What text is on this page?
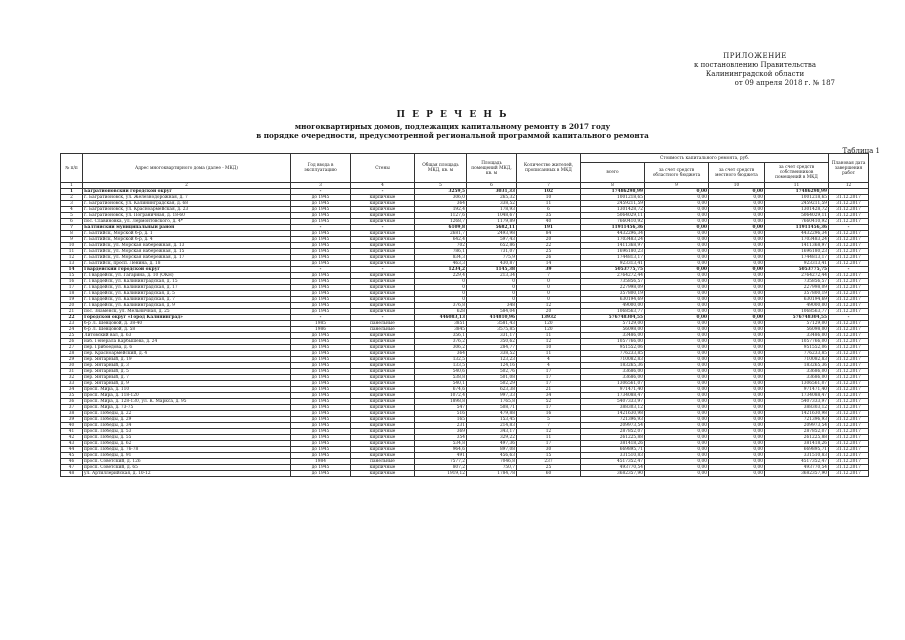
ПРИЛОЖЕНИЕ
к постановлению Правительства
Калининградской области
от 09 апреля 2018 г. № 187
П Е Р Е Ч Е Н Ь
многоквартирных домов, подлежащих капитальному ремонту в 2017 году
в порядке очередности, предусмотренной региональной программой капитального ремонта
Таблица 1
№ п/п	Адрес многоквартирного дома (далее - МКД)	Год ввода в эксплуатацию	Стены	Общая площадь МКД, кв. м	Площадь помещений МКД, кв. м	Количество жителей, прописанных в МКД	Стоимость капитального ремонта, руб.				Плановая дата завершения работ
							всего	за счет средств областного бюджета	за счет средств местного бюджета	за счет средств собственников помещений в МКД	
1	2	3	4	5	6	7	8	9	10	11	12
1	Багратионовский городской округ	-	-	3259,5	3031,33	102	17486298,99	0,00	0,00	17486298,99	
2	г. Багратионовск, ул. Железнодорожная, д. 7	до 1945	кирпичные	306,0	265,32	10	1001218,65	0,00	0,00	1001218,65	31.12.2017
3	г. Багратионовск, ул. Калининградская, д. 68	до 1945	кирпичные	364	338,52	11	2459211,59	0,00	0,00	2459211,59	31.12.2017
4	г. Багратионовск, ул. Красноармейская, д. 23	до 1945	кирпичные	192,4	178,93	6	1301428,72	0,00	0,00	1301428,72	31.12.2017
5	г. Багратионовск, ул. Пограничная, д. 18-60	до 1945	кирпичные	1127,6	1048,67	35	5064029,11	0,00	0,00	5064029,11	31.12.2017
6	пос. Славиновка, ул. Лермонтовского, д. 4*	до 1945	кирпичные	1268,7	1179,89	40	7660410,92	0,00	0,00	7660410,92	31.12.2017
7	Балтийский муниципальный район	-	-	6109,8	5682,11	191	11911456,36	0,00	0,00	11911456,36	-
8	г. Балтийск, Морской б-р, д. 1	до 1945	кирпичные	2681,7	2493,98	84	4432296,34	0,00	0,00	4432296,34	31.12.2017
9	г. Балтийск, Морской б-р, д. 4	до 1945	кирпичные	642,4	597,43	20	1703483,24	0,00	0,00	1703483,24	31.12.2017
10	г. Балтийск, ул. Морская набережная, д. 13	до 1945	кирпичные	702	652,86	22	1411368,97	0,00	0,00	1411368,97	31.12.2017
11	г. Балтийск, ул. Морская набережная, д. 15	до 1945	кирпичные	786,1	731,07	25	1696180,23	0,00	0,00	1696180,23	31.12.2017
12	г. Балтийск, ул. Морская набережная, д. 17	до 1945	кирпичные	834,3	775,9	26	1744813,17	0,00	0,00	1744813,17	31.12.2017
13	г. Балтийск, просп. Ленина, д. 18	до 1945	кирпичные	463,3	430,87	14	923313,41	0,00	0,00	923313,41	31.12.2017
14	Гвардейский городской округ	-	-	1234,2	1145,38	39	5053775,75	0,00	0,00	5053775,75	-
15	г. Гвардейск, ул. Гагарина, д. 10 (ОКН)	до 1945	кирпичные	229,4	213,34	7	2764272,44	0,00	0,00	2764272,44	31.12.2017
16	г. Гвардейск, ул. Калининградская, д. 15	до 1945	кирпичные	0	0	0	735856,57	0,00	0,00	735856,57	31.12.2017
17	г. Гвардейск, ул. Калининградская, д. 17	до 1945	кирпичные	0	0	0	227998,09	0,00	0,00	227998,09	31.12.2017
18	г. Гвардейск, ул. Калининградская, д. 5	до 1945	кирпичные	0	0	0	357800,19	0,00	0,00	357800,19	31.12.2017
19	г. Гвардейск, ул. Калининградская, д. 7	до 1945	кирпичные	0	0	0	630194,69	0,00	0,00	630194,69	31.12.2017
20	г. Гвардейск, ул. Калининградская, д. 9	до 1945	кирпичные	376,8	348	12	49000,00	0,00	0,00	49000,00	31.12.2017
21	пос. Знаменск, ул. Мельничная, д. 25	до 1945	кирпичные	628	584,04	20	1068563,77	0,00	0,00	1068563,77	31.12.2017
22	Городской округ «Город Калининград»	-	-	446083,13	414810,96	13932	576748304,55	0,00	0,00	576748304,55	-
23	б-р Л. Шевцовой, д. 38-40	1985	панельные	3851	3581,43	120	57129,00	0,00	0,00	57129,00	31.12.2017
24	б-р Л. Шевцовой, д. 58	1986	панельные	3845	3575,85	120	56098,00	0,00	0,00	56098,00	31.12.2017
25	Литовский вал, д. 63	до 1945	кирпичные	356,1	331,17	11	33486,00	0,00	0,00	33486,00	31.12.2017
26	наб. Генерала Карбышева, д. 24	до 1945	кирпичные	376,2	350,62	12	1057766,00	0,00	0,00	1057766,00	31.12.2017
27	пер. Грибоедова, д. 6	до 1945	кирпичные	306,2	284,77	10	951552,06	0,00	0,00	951552,06	31.12.2017
28	пер. Красноармейский, д. 4	до 1945	кирпичные	364	338,52	11	776233,85	0,00	0,00	776233,85	31.12.2017
29	пер. Янтарный, д. 19	до 1945	кирпичные	132,5	123,23	4	710082,83	0,00	0,00	710082,83	31.12.2017
30	пер. Янтарный, д. 3	до 1945	кирпичные	133,5	124,16	4	183265,36	0,00	0,00	183265,36	31.12.2017
31	пер. Янтарный, д. 5	до 1945	кирпичные	540,6	502,76	17	33686,00	0,00	0,00	33686,00	31.12.2017
32	пер. Янтарный, д. 7	до 1945	кирпичные	538,8	501,08	17	33686,00	0,00	0,00	33686,00	31.12.2017
33	пер. Янтарный, д. 9	до 1945	кирпичные	540,1	502,29	17	1306561,07	0,00	0,00	1306561,07	31.12.2017
34	просп. Мира, д. 110	до 1945	кирпичные	674,6	623,38	21	971471,40	0,00	0,00	971471,40	31.12.2017
35	просп. Мира, д. 118-120	до 1945	кирпичные	1072,4	997,33	34	1734088,47	0,00	0,00	1734088,47	31.12.2017
36	просп. Мира, д. 128-130, ул. К. Маркса, д. 95	до 1945	кирпичные	1898,8	1765,8	52	5407333,97	0,00	0,00	5407333,97	31.12.2017
37	просп. Мира, д. 73-75	до 1945	кирпичные	547	508,71	17	388303,12	0,00	0,00	388303,12	31.12.2017
38	просп. Победы, д. 22	до 1945	кирпичные	516	479,88	16	1421630,98	0,00	0,00	1421630,98	31.12.2017
39	просп. Победы, д. 29	до 1945	кирпичные	165	153,45	5	721396,93	0,00	0,00	721396,93	31.12.2017
40	просп. Победы, д. 34	до 1945	кирпичные	231	214,83	7	209973,54	0,00	0,00	209973,54	31.12.2017
41	просп. Победы, д. 53	до 1945	кирпичные	369	343,17	12	287852,07	0,00	0,00	287852,07	31.12.2017
42	просп. Победы, д. 55	до 1945	кирпичные	354	329,22	11	261225,88	0,00	0,00	261225,88	31.12.2017
43	просп. Победы, д. 62	до 1945	кирпичные	534,8	497,36	17	381418,26	0,00	0,00	381418,26	31.12.2017
44	просп. Победы, д. 76-78	до 1945	кирпичные	964,6	897,08	30	669895,71	0,00	0,00	669895,71	31.12.2017
45	просп. Победы, д. 91	до 1945	кирпичные	491	456,63	15	331510,83	0,00	0,00	331510,83	31.12.2017
46	просп. Советский, д. 126	1984	панельные	7577,2	7046,8	237	4517352,47	0,00	0,00	4517352,47	31.12.2017
47	просп. Советский, д. 65	до 1945	кирпичные	807,2	750,7	25	493770,54	0,00	0,00	493770,54	31.12.2017
48	ул. Артиллерийская, д. 10-12	до 1945	кирпичные	1919,12	1784,78	60	3682357,90	0,00	0,00	3682357,90	31.12.2017
